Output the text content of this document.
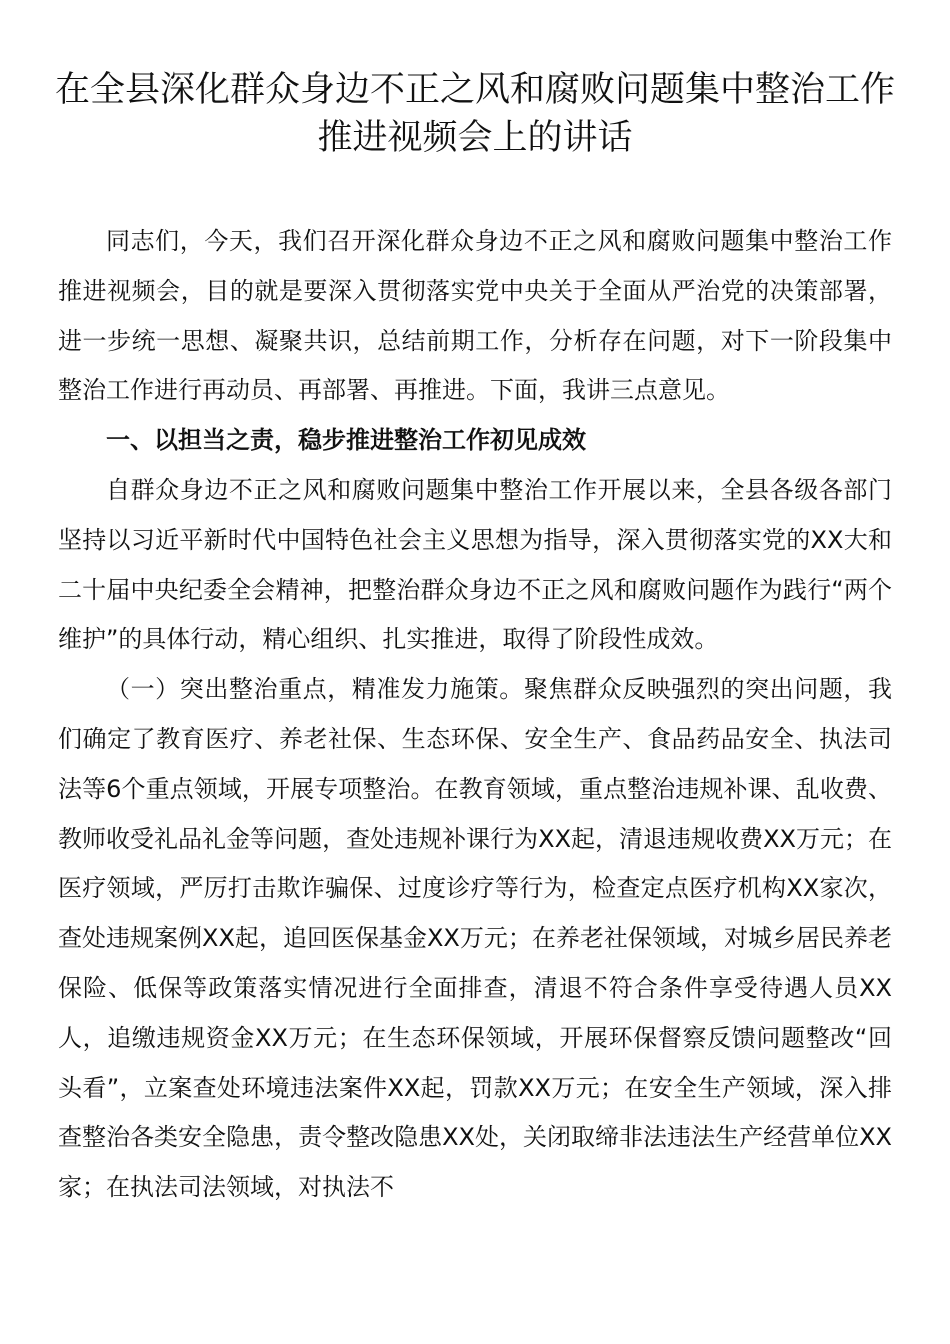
在全县深化群众身边不正之风和腐败问题集中整治工作推进视频会上的讲话

同志们，今天，我们召开深化群众身边不正之风和腐败问题集中整治工作推进视频会，目的就是要深入贯彻落实党中央关于全面从严治党的决策部署，进一步统一思想、凝聚共识，总结前期工作，分析存在问题，对下一阶段集中整治工作进行再动员、再部署、再推进。下面，我讲三点意见。

一、以担当之责，稳步推进整治工作初见成效

自群众身边不正之风和腐败问题集中整治工作开展以来，全县各级各部门坚持以习近平新时代中国特色社会主义思想为指导，深入贯彻落实党的XX大和二十届中央纪委全会精神，把整治群众身边不正之风和腐败问题作为践行“两个维护”的具体行动，精心组织、扎实推进，取得了阶段性成效。

（一）突出整治重点，精准发力施策。聚焦群众反映强烈的突出问题，我们确定了教育医疗、养老社保、生态环保、安全生产、食品药品安全、执法司法等6个重点领域，开展专项整治。在教育领域，重点整治违规补课、乱收费、教师收受礼品礼金等问题，查处违规补课行为XX起，清退违规收费XX万元；在医疗领域，严厉打击欺诈骗保、过度诊疗等行为，检查定点医疗机构XX家次，查处违规案例XX起，追回医保基金XX万元；在养老社保领域，对城乡居民养老保险、低保等政策落实情况进行全面排查，清退不符合条件享受待遇人员XX人，追缴违规资金XX万元；在生态环保领域，开展环保督察反馈问题整改“回头看”，立案查处环境违法案件XX起，罚款XX万元；在安全生产领域，深入排查整治各类安全隐患，责令整改隐患XX处，关闭取缔非法违法生产经营单位XX家；在执法司法领域，对执法不
